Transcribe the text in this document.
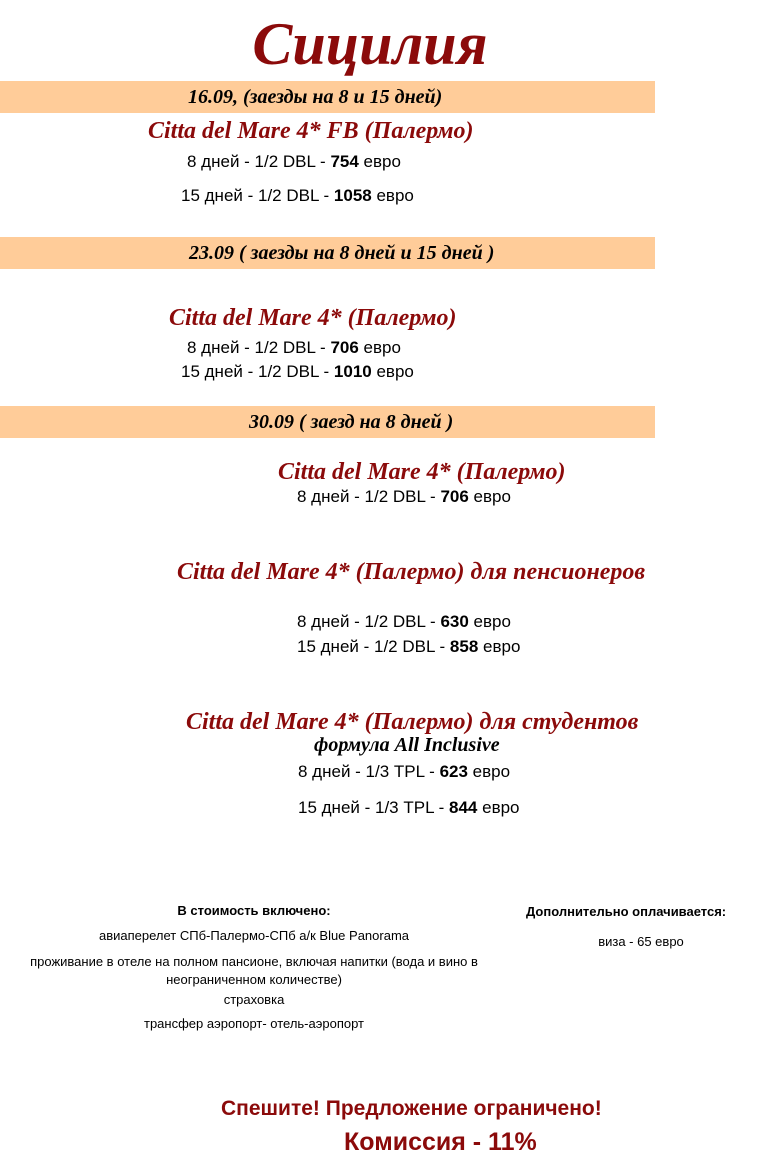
Сицилия
16.09, (заезды на 8 и 15 дней)
Citta del Mare 4* FB (Палермо)
8 дней - 1/2 DBL - 754 евро
15 дней - 1/2 DBL - 1058 евро
23.09 ( заезды на 8 дней и 15 дней )
Citta del Mare 4* (Палермо)
8 дней - 1/2 DBL - 706 евро
15 дней - 1/2 DBL - 1010 евро
30.09 ( заезд на 8 дней )
Citta del Mare 4* (Палермо)
8 дней - 1/2 DBL - 706 евро
Citta del Mare 4* (Палермо) для пенсионеров
8 дней - 1/2 DBL - 630 евро
15 дней - 1/2 DBL - 858 евро
Citta del Mare 4* (Палермо) для студентов
формула All Inclusive
8 дней - 1/3 TPL - 623 евро
15 дней - 1/3 TPL - 844 евро
В стоимость включено:
авиаперелет СПб-Палермо-СПб а/к Blue Panorama
проживание в отеле на полном пансионе, включая напитки (вода и вино в
неограниченном количестве)
страховка
трансфер аэропорт- отель-аэропорт
Дополнительно оплачивается:
виза - 65 евро
Спешите! Предложение ограничено!
Комиссия - 11%
